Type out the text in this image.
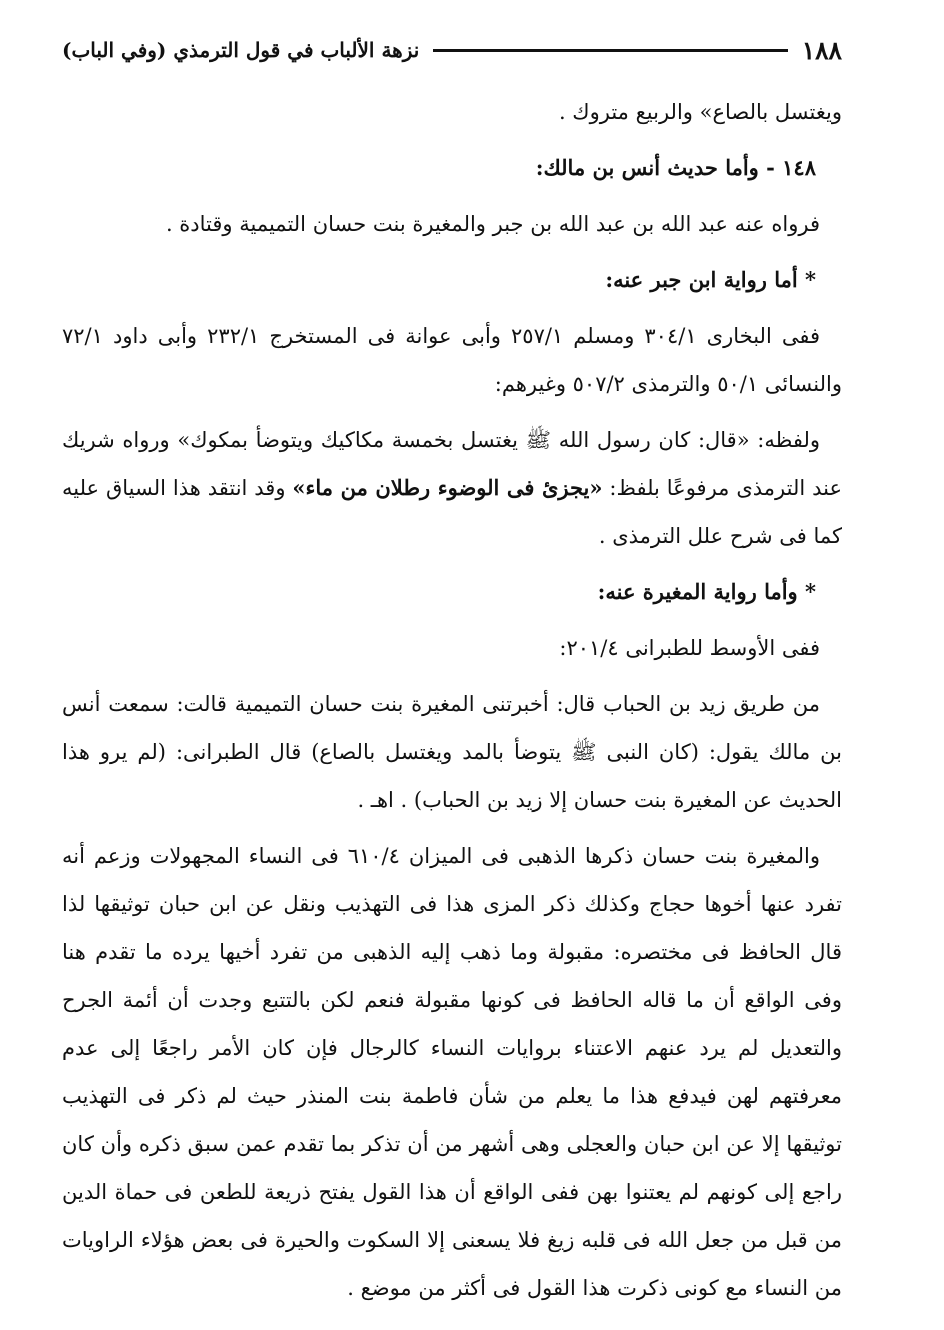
١٨٨
نزهة الألباب في قول الترمذي (وفي الباب)

ويغتسل بالصاع» والربيع متروك .

١٤٨ - وأما حديث أنس بن مالك:

فرواه عنه عبد الله بن عبد الله بن جبر والمغيرة بنت حسان التميمية وقتادة .

* أما رواية ابن جبر عنه:

ففى البخارى ٣٠٤/١ ومسلم ٢٥٧/١ وأبى عوانة فى المستخرج ٢٣٢/١ وأبى داود ٧٢/١ والنسائى ٥٠/١ والترمذى ٥٠٧/٢ وغيرهم:

ولفظه: «قال: كان رسول الله ﷺ يغتسل بخمسة مكاكيك ويتوضأ بمكوك» ورواه شريك عند الترمذى مرفوعًا بلفظ: «يجزئ فى الوضوء رطلان من ماء» وقد انتقد هذا السياق عليه كما فى شرح علل الترمذى .

* وأما رواية المغيرة عنه:

ففى الأوسط للطبرانى ٢٠١/٤:

من طريق زيد بن الحباب قال: أخبرتنى المغيرة بنت حسان التميمية قالت: سمعت أنس بن مالك يقول: (كان النبى ﷺ يتوضأ بالمد ويغتسل بالصاع) قال الطبرانى: (لم يرو هذا الحديث عن المغيرة بنت حسان إلا زيد بن الحباب) . اهـ .

والمغيرة بنت حسان ذكرها الذهبى فى الميزان ٦١٠/٤ فى النساء المجهولات وزعم أنه تفرد عنها أخوها حجاج وكذلك ذكر المزى هذا فى التهذيب ونقل عن ابن حبان توثيقها لذا قال الحافظ فى مختصره: مقبولة وما ذهب إليه الذهبى من تفرد أخيها يرده ما تقدم هنا وفى الواقع أن ما قاله الحافظ فى كونها مقبولة فنعم لكن بالتتبع وجدت أن أئمة الجرح والتعديل لم يرد عنهم الاعتناء بروايات النساء كالرجال فإن كان الأمر راجعًا إلى عدم معرفتهم لهن فيدفع هذا ما يعلم من شأن فاطمة بنت المنذر حيث لم ذكر فى التهذيب توثيقها إلا عن ابن حبان والعجلى وهى أشهر من أن تذكر بما تقدم عمن سبق ذكره وأن كان راجع إلى كونهم لم يعتنوا بهن ففى الواقع أن هذا القول يفتح ذريعة للطعن فى حماة الدين من قبل من جعل الله فى قلبه زيغ فلا يسعنى إلا السكوت والحيرة فى بعض هؤلاء الراويات من النساء مع كونى ذكرت هذا القول فى أكثر من موضع .
